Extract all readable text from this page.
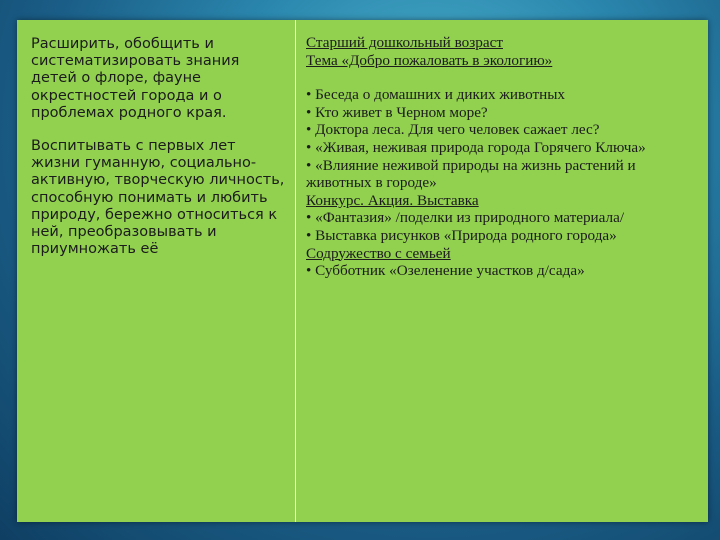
Расширить, обобщить и систематизировать знания детей о флоре, фауне окрестностей города и о проблемах родного края.

Воспитывать с первых лет жизни гуманную, социально-активную, творческую личность, способную понимать и любить природу, бережно относиться к ней, преобразовывать и приумножать её

Старший дошкольный возраст
Тема «Добро пожаловать в экологию»
• Беседа о домашних и диких животных
• Кто живет в Черном море?
• Доктора леса. Для чего человек сажает лес?
• «Живая, неживая природа города Горячего Ключа»
• «Влияние неживой природы на жизнь растений и животных в городе»
Конкурс. Акция. Выставка
• «Фантазия» /поделки из природного материала/
• Выставка рисунков «Природа родного города»
Содружество с семьей
• Субботник «Озеленение участков д/сада»
